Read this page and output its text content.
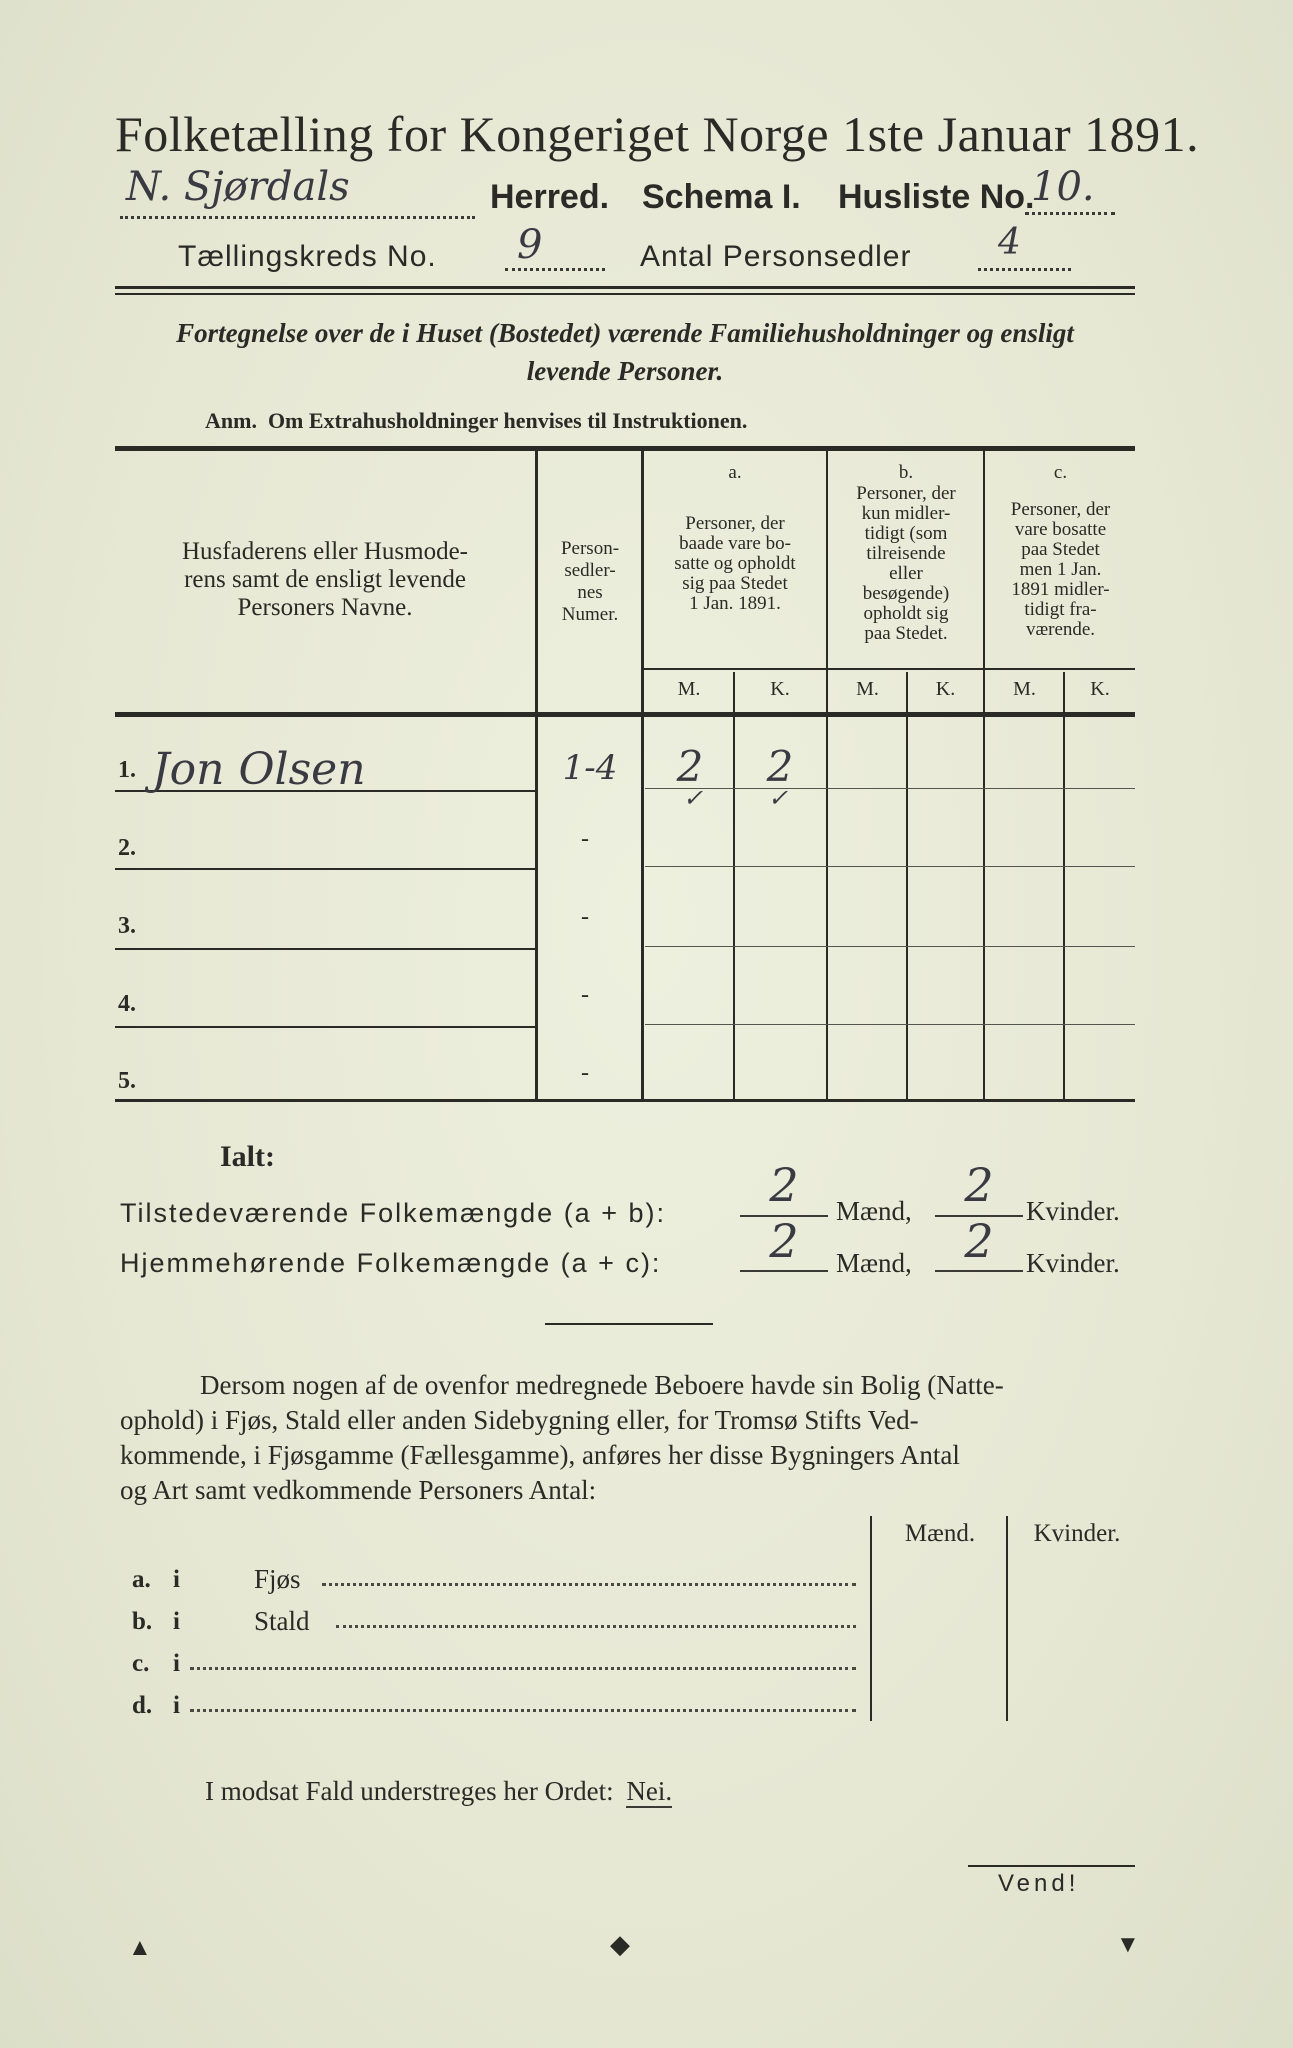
Folketælling for Kongeriget Norge 1ste Januar 1891.
N. Sjørdals	Herred. Schema I. Husliste No.
10.
Tællingskreds No. 9	Antal Personsedler 4
Fortegnelse over de i Huset (Bostedet) værende Familiehusholdninger og ensligt
levende Personer.
Anm.  Om Extrahusholdninger henvises til Instruktionen.
Husfaderens eller Husmode-
rens samt de ensligt levende
Personers Navne.
Person-
sedler-
nes
Numer.
a.
Personer, der
baade vare bo-
satte og opholdt
sig paa Stedet
1 Jan. 1891.
b.
Personer, der
kun midler-
tidigt (som
tilreisende
eller
besøgende)
opholdt sig
paa Stedet.
c.
Personer, der
vare bosatte
paa Stedet
men 1 Jan.
1891 midler-
tidigt fra-
værende.
M.	K.	M.	K.	M.	K.
1. Jon Olsen	1-4	2	2
✓	✓
2.	-
3.	-
4.	-
5.	-
Ialt:
Tilstedeværende Folkemængde (a + b):
2	Mænd,	2	Kvinder.
Hjemmehørende Folkemængde (a + c):	2	Mænd,	2	Kvinder.
Dersom nogen af de ovenfor medregnede Beboere havde sin Bolig (Natte-
ophold) i Fjøs, Stald eller anden Sidebygning eller, for Tromsø Stifts Ved-
kommende, i Fjøsgamme (Fællesgamme), anføres her disse Bygningers Antal
og Art samt vedkommende Personers Antal:
Mænd.	Kvinder.
a. i	Fjøs
b. i	Stald
c. i
d. i
I modsat Fald understreges her Ordet: Nei.
Vend!
▲	◆	▼
